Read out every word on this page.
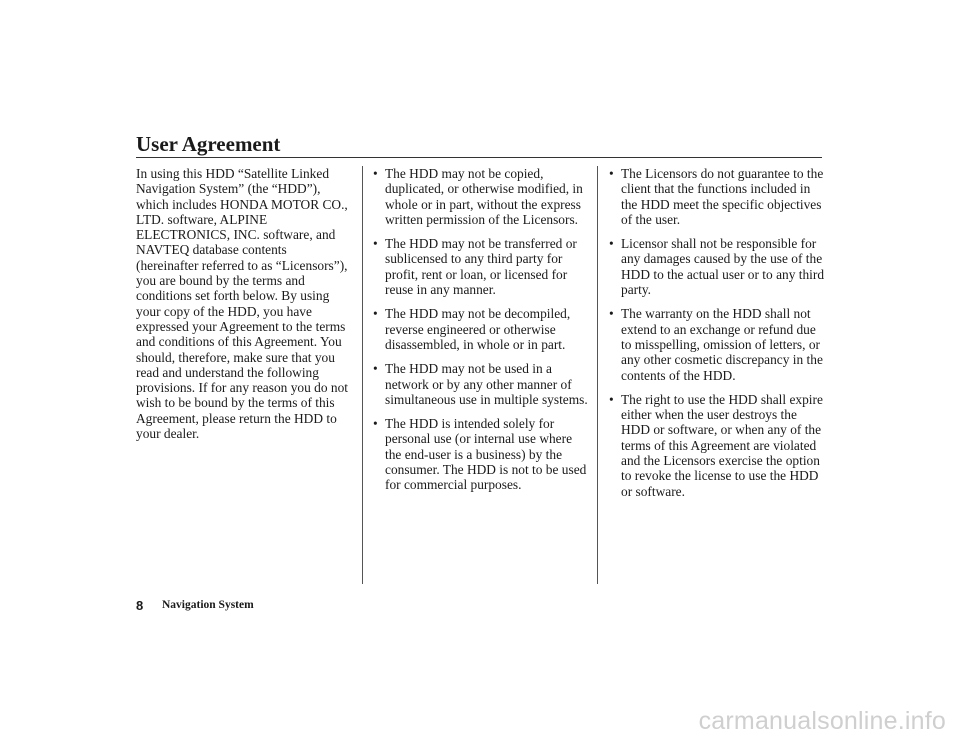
User Agreement

In using this HDD “Satellite Linked Navigation System” (the “HDD”), which includes HONDA MOTOR CO., LTD. software, ALPINE ELECTRONICS, INC. software, and NAVTEQ database contents (hereinafter referred to as “Licensors”), you are bound by the terms and conditions set forth below. By using your copy of the HDD, you have expressed your Agreement to the terms and conditions of this Agreement. You should, therefore, make sure that you read and understand the following provisions. If for any reason you do not wish to be bound by the terms of this Agreement, please return the HDD to your dealer.

• The HDD may not be copied, duplicated, or otherwise modified, in whole or in part, without the express written permission of the Licensors.
• The HDD may not be transferred or sublicensed to any third party for profit, rent or loan, or licensed for reuse in any manner.
• The HDD may not be decompiled, reverse engineered or otherwise disassembled, in whole or in part.
• The HDD may not be used in a network or by any other manner of simultaneous use in multiple systems.
• The HDD is intended solely for personal use (or internal use where the end-user is a business) by the consumer. The HDD is not to be used for commercial purposes.
• The Licensors do not guarantee to the client that the functions included in the HDD meet the specific objectives of the user.
• Licensor shall not be responsible for any damages caused by the use of the HDD to the actual user or to any third party.
• The warranty on the HDD shall not extend to an exchange or refund due to misspelling, omission of letters, or any other cosmetic discrepancy in the contents of the HDD.
• The right to use the HDD shall expire either when the user destroys the HDD or software, or when any of the terms of this Agreement are violated and the Licensors exercise the option to revoke the license to use the HDD or software.
8 Navigation System
carmanualsonline.info
